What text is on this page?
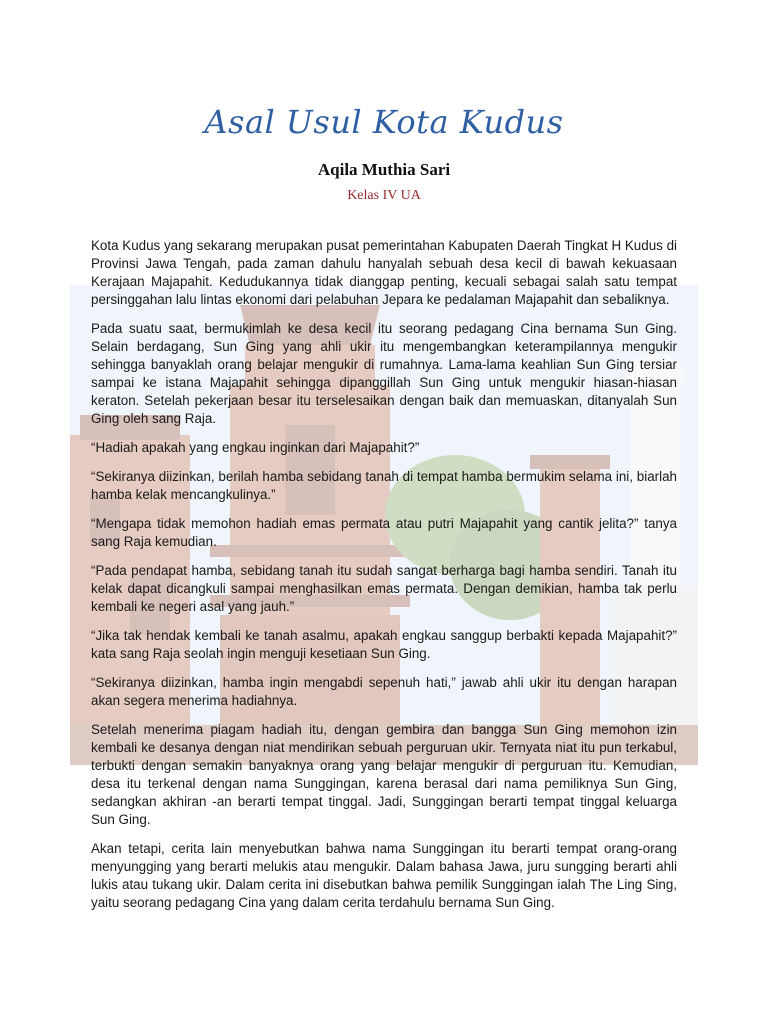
Asal Usul Kota Kudus
Aqila Muthia Sari
Kelas IV UA

Kota Kudus yang sekarang merupakan pusat pemerintahan Kabupaten Daerah Tingkat H Kudus di Provinsi Jawa Tengah, pada zaman dahulu hanyalah sebuah desa kecil di bawah kekuasaan Kerajaan Majapahit. Kedudukannya tidak dianggap penting, kecuali sebagai salah satu tempat persinggahan lalu lintas ekonomi dari pelabuhan Jepara ke pedalaman Majapahit dan sebaliknya.

Pada suatu saat, bermukimlah ke desa kecil itu seorang pedagang Cina bernama Sun Ging. Selain berdagang, Sun Ging yang ahli ukir itu mengembangkan keterampilannya mengukir sehingga banyaklah orang belajar mengukir di rumahnya. Lama-lama keahlian Sun Ging tersiar sampai ke istana Majapahit sehingga dipanggillah Sun Ging untuk mengukir hiasan-hiasan keraton. Setelah pekerjaan besar itu terselesaikan dengan baik dan memuaskan, ditanyalah Sun Ging oleh sang Raja.

“Hadiah apakah yang engkau inginkan dari Majapahit?”

“Sekiranya diizinkan, berilah hamba sebidang tanah di tempat hamba bermukim selama ini, biarlah hamba kelak mencangkulinya.”

“Mengapa tidak memohon hadiah emas permata atau putri Majapahit yang cantik jelita?” tanya sang Raja kemudian.

“Pada pendapat hamba, sebidang tanah itu sudah sangat berharga bagi hamba sendiri. Tanah itu kelak dapat dicangkuli sampai menghasilkan emas permata. Dengan demikian, hamba tak perlu kembali ke negeri asal yang jauh.”

“Jika tak hendak kembali ke tanah asalmu, apakah engkau sanggup berbakti kepada Majapahit?” kata sang Raja seolah ingin menguji kesetiaan Sun Ging.

“Sekiranya diizinkan, hamba ingin mengabdi sepenuh hati,” jawab ahli ukir itu dengan harapan akan segera menerima hadiahnya.

Setelah menerima piagam hadiah itu, dengan gembira dan bangga Sun Ging memohon izin kembali ke desanya dengan niat mendirikan sebuah perguruan ukir. Ternyata niat itu pun terkabul, terbukti dengan semakin banyaknya orang yang belajar mengukir di perguruan itu. Kemudian, desa itu terkenal dengan nama Sunggingan, karena berasal dari nama pemiliknya Sun Ging, sedangkan akhiran -an berarti tempat tinggal. Jadi, Sunggingan berarti tempat tinggal keluarga Sun Ging.

Akan tetapi, cerita lain menyebutkan bahwa nama Sunggingan itu berarti tempat orang-orang menyungging yang berarti melukis atau mengukir. Dalam bahasa Jawa, juru sungging berarti ahli lukis atau tukang ukir. Dalam cerita ini disebutkan bahwa pemilik Sunggingan ialah The Ling Sing, yaitu seorang pedagang Cina yang dalam cerita terdahulu bernama Sun Ging.
